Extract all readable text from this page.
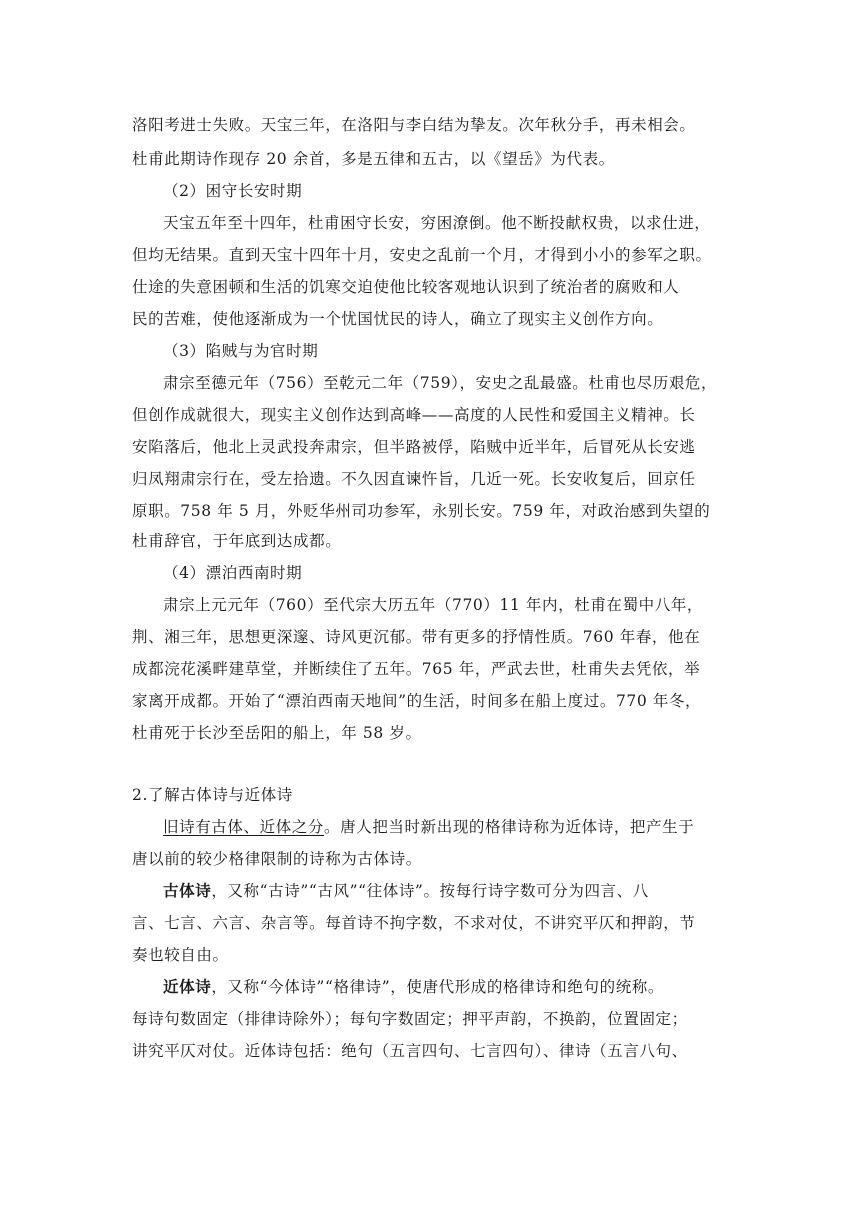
洛阳考进士失败。天宝三年，在洛阳与李白结为挚友。次年秋分手，再未相会。
杜甫此期诗作现存 20 余首，多是五律和五古，以《望岳》为代表。
（2）困守长安时期
天宝五年至十四年，杜甫困守长安，穷困潦倒。他不断投献权贵，以求仕进，
但均无结果。直到天宝十四年十月，安史之乱前一个月，才得到小小的参军之职。
仕途的失意困顿和生活的饥寒交迫使他比较客观地认识到了统治者的腐败和人
民的苦难，使他逐渐成为一个忧国忧民的诗人，确立了现实主义创作方向。
（3）陷贼与为官时期
肃宗至德元年（756）至乾元二年（759），安史之乱最盛。杜甫也尽历艰危，
但创作成就很大，现实主义创作达到高峰——高度的人民性和爱国主义精神。长
安陷落后，他北上灵武投奔肃宗，但半路被俘，陷贼中近半年，后冒死从长安逃
归凤翔肃宗行在，受左拾遗。不久因直谏忤旨，几近一死。长安收复后，回京任
原职。758 年 5 月，外贬华州司功参军，永别长安。759 年，对政治感到失望的
杜甫辞官，于年底到达成都。
（4）漂泊西南时期
肃宗上元元年（760）至代宗大历五年（770）11 年内，杜甫在蜀中八年，
荆、湘三年，思想更深邃、诗风更沉郁。带有更多的抒情性质。760 年春，他在
成都浣花溪畔建草堂，并断续住了五年。765 年，严武去世，杜甫失去凭依，举
家离开成都。开始了“漂泊西南天地间”的生活，时间多在船上度过。770 年冬，
杜甫死于长沙至岳阳的船上，年 58 岁。
2.了解古体诗与近体诗
旧诗有古体、近体之分。唐人把当时新出现的格律诗称为近体诗，把产生于
唐以前的较少格律限制的诗称为古体诗。
古体诗，又称“古诗”“古风”“往体诗”。按每行诗字数可分为四言、八
言、七言、六言、杂言等。每首诗不拘字数，不求对仗，不讲究平仄和押韵，节
奏也较自由。
近体诗，又称“今体诗”“格律诗”，使唐代形成的格律诗和绝句的统称。
每诗句数固定（排律诗除外）；每句字数固定；押平声韵，不换韵，位置固定；
讲究平仄对仗。近体诗包括：绝句（五言四句、七言四句）、律诗（五言八句、
